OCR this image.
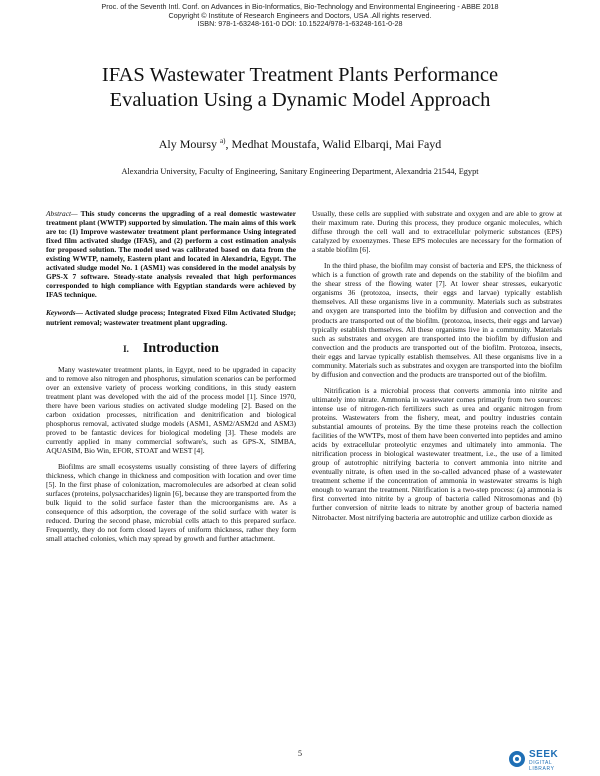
Proc. of the Seventh Intl. Conf. on Advances in Bio-Informatics, Bio-Technology and Environmental Engineering - ABBE 2018
Copyright © Institute of Research Engineers and Doctors, USA .All rights reserved.
ISBN: 978-1-63248-161-0 DOI: 10.15224/978-1-63248-161-0-28
IFAS Wastewater Treatment Plants Performance
Evaluation Using a Dynamic Model Approach
Aly Moursy $^{a)}$, Medhat Moustafa, Walid Elbarqi, Mai Fayd
Alexandria University, Faculty of Engineering, Sanitary Engineering Department, Alexandria 21544, Egypt

Abstract— This study concerns the upgrading of a real domestic wastewater treatment plant (WWTP) supported by simulation. The main aims of this work are to: (1) Improve wastewater treatment plant performance Using integrated fixed film activated sludge (IFAS), and (2) perform a cost estimation analysis for proposed solution. The model used was calibrated based on data from the existing WWTP, namely, Eastern plant and located in Alexandria, Egypt. The activated sludge model No. 1 (ASM1) was considered in the model analysis by GPS-X 7 software. Steady-state analysis revealed that high performances corresponded to high compliance with Egyptian standards were achieved by IFAS technique.

Keywords— Activated sludge process; Integrated Fixed Film Activated Sludge; nutrient removal; wastewater treatment plant upgrading.

I. Introduction

Many wastewater treatment plants, in Egypt, need to be upgraded in capacity and to remove also nitrogen and phosphorus, simulation scenarios can be performed over an extensive variety of process working conditions, in this study eastern treatment plant was developed with the aid of the process model [1]. Since 1970, there have been various studies on activated sludge modeling [2]. Based on the carbon oxidation processes, nitrification and denitrification and biological phosphorus removal, activated sludge models (ASM1, ASM2/ASM2d and ASM3) proved to be fantastic devices for biological modeling [3]. These models are currently applied in many commercial software's, such as GPS-X, SIMBA, AQUASIM, Bio Win, EFOR, STOAT and WEST [4].

Biofilms are small ecosystems usually consisting of three layers of differing thickness, which change in thickness and composition with location and over time [5]. In the first phase of colonization, macromolecules are adsorbed at clean solid surfaces (proteins, polysaccharides) lignin [6], because they are transported from the bulk liquid to the solid surface faster than the microorganisms are. As a consequence of this adsorption, the coverage of the solid surface with water is reduced. During the second phase, microbial cells attach to this prepared surface. Frequently, they do not form closed layers of uniform thickness, rather they form small attached colonies, which may spread by growth and further attachment.

Usually, these cells are supplied with substrate and oxygen and are able to grow at their maximum rate. During this process, they produce organic molecules, which diffuse through the cell wall and to extracellular polymeric substances (EPS) catalyzed by exoenzymes. These EPS molecules are necessary for the formation of a stable biofilm [6].

In the third phase, the biofilm may consist of bacteria and EPS, the thickness of which is a function of growth rate and depends on the stability of the biofilm and the shear stress of the flowing water [7]. At lower shear stresses, eukaryotic organisms 36 (protozoa, insects, their eggs and larvae) typically establish themselves. All these organisms live in a community. Materials such as substrates and oxygen are transported into the biofilm by diffusion and convection and the products are transported out of the biofilm. (protozoa, insects, their eggs and larvae) typically establish themselves. All these organisms live in a community. Materials such as substrates and oxygen are transported into the biofilm by diffusion and convection and the products are transported out of the biofilm. Protozoa, insects, their eggs and larvae typically establish themselves. All these organisms live in a community. Materials such as substrates and oxygen are transported into the biofilm by diffusion and convection and the products are transported out of the biofilm.

Nitrification is a microbial process that converts ammonia into nitrite and ultimately into nitrate. Ammonia in wastewater comes primarily from two sources: intense use of nitrogen-rich fertilizers such as urea and organic nitrogen from proteins. Wastewaters from the fishery, meat, and poultry industries contain substantial amounts of proteins. By the time these proteins reach the collection facilities of the WWTPs, most of them have been converted into peptides and amino acids by extracellular proteolytic enzymes and ultimately into ammonia. The nitrification process in biological wastewater treatment, i.e., the use of a limited group of autotrophic nitrifying bacteria to convert ammonia into nitrite and eventually nitrate, is often used in the so-called advanced phase of a wastewater treatment scheme if the concentration of ammonia in wastewater streams is high enough to warrant the treatment. Nitrification is a two-step process: (a) ammonia is first converted into nitrite by a group of bacteria called Nitrosomonas and (b) further conversion of nitrite leads to nitrate by another group of bacteria named Nitrobacter. Most nitrifying bacteria are autotrophic and utilize carbon dioxide as

5	SEEK
DIGITAL LIBRARY
